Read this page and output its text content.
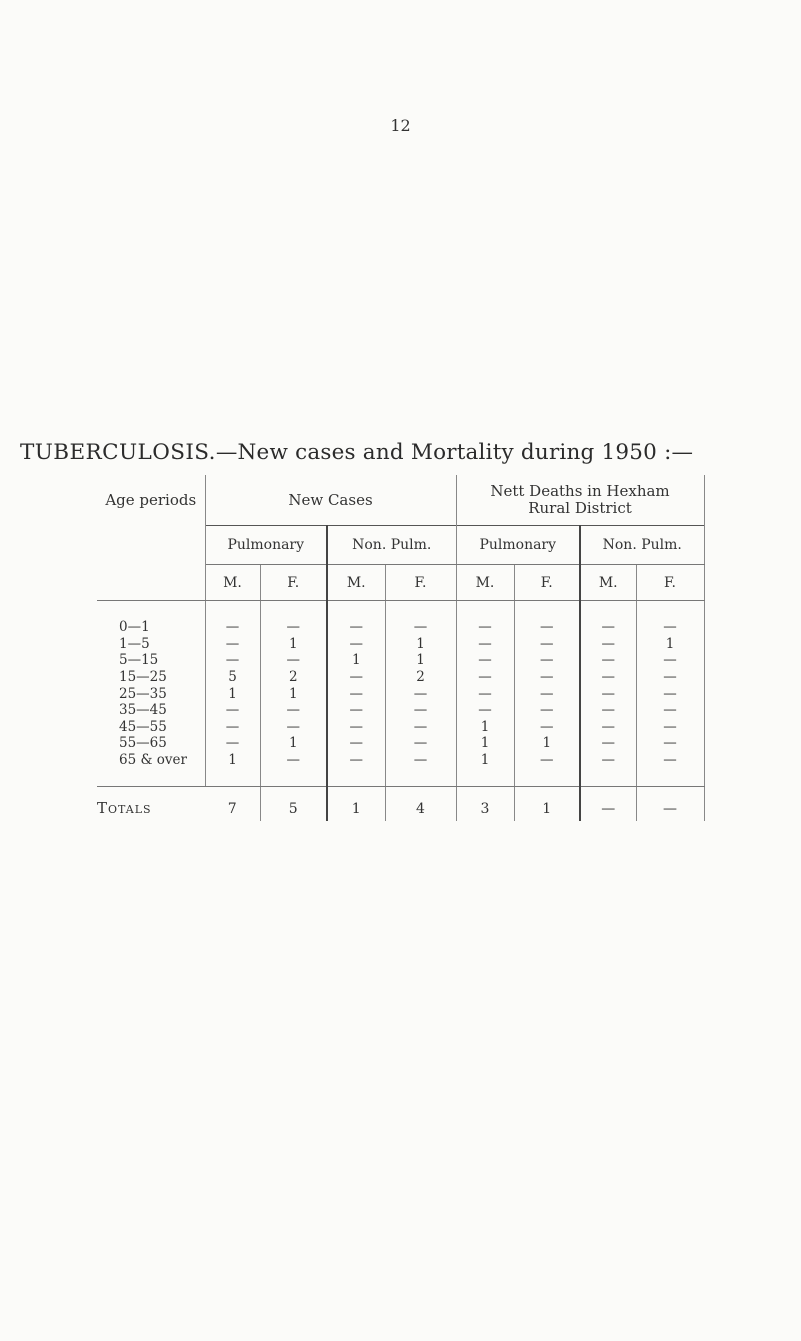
12
TUBERCULOSIS.—New cases and Mortality during 1950 :—
Age periods	New Cases				Nett Deaths in Hexham
Rural District			

	Pulmonary		Non. Pulm.		Pulmonary		Non. Pulm.	
	M.	F.	M.	F.	M.	F.	M.	F.

0—1	—	—	—	—	—	—	—	—
1—5	—	1	—	1	—	—	—	1
5—15	—	—	1	1	—	—	—	—
15—25	5	2	—	2	—	—	—	—
25—35	1	1	—	—	—	—	—	—
35—45	—	—	—	—	—	—	—	—
45—55	—	—	—	—	1	—	—	—
55—65	—	1	—	—	1	1	—	—
65 & over	1	—	—	—	1	—	—	—

Totals	7	5	1	4	3	1	—	—
